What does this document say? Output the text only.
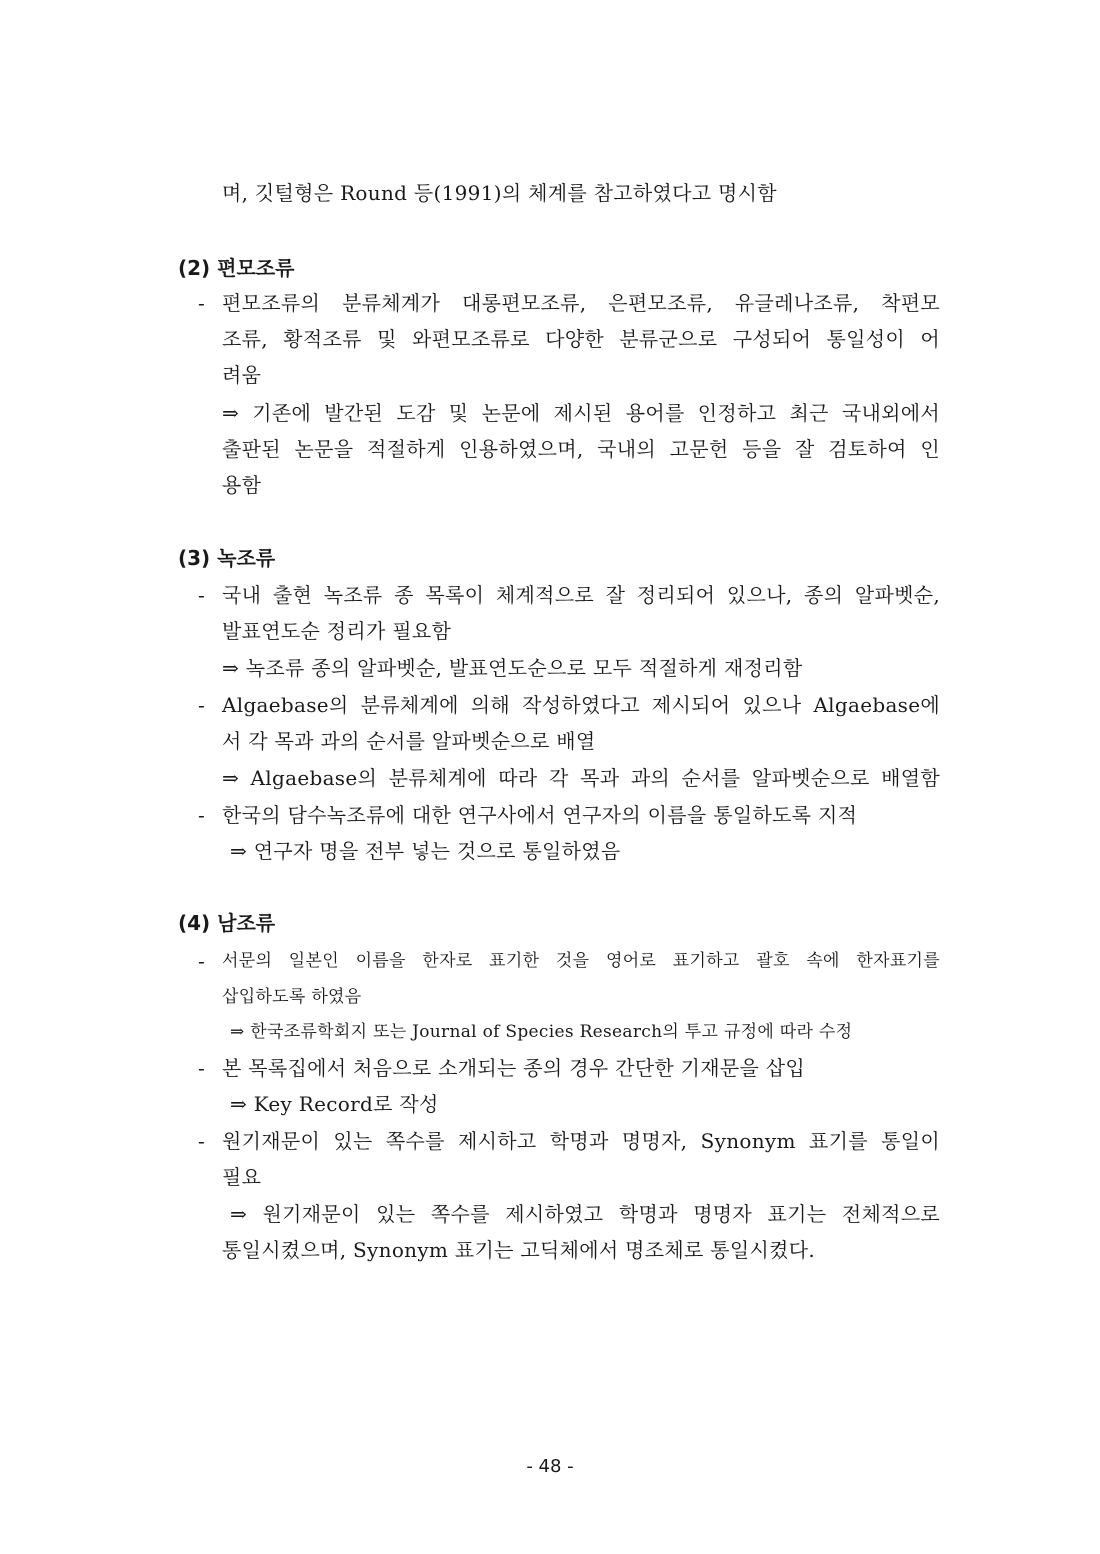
며, 깃털형은 Round 등(1991)의 체계를 참고하였다고 명시함
(2) 편모조류
- 편모조류의 분류체계가 대롱편모조류, 은편모조류, 유글레나조류, 착편모
조류, 황적조류 및 와편모조류로 다양한 분류군으로 구성되어 통일성이 어
려움
⇒ 기존에 발간된 도감 및 논문에 제시된 용어를 인정하고 최근 국내외에서
출판된 논문을 적절하게 인용하였으며, 국내의 고문헌 등을 잘 검토하여 인
용함
(3) 녹조류
- 국내 출현 녹조류 종 목록이 체계적으로 잘 정리되어 있으나, 종의 알파벳순,
발표연도순 정리가 필요함
⇒ 녹조류 종의 알파벳순, 발표연도순으로 모두 적절하게 재정리함
- Algaebase의 분류체계에 의해 작성하였다고 제시되어 있으나 Algaebase에
서 각 목과 과의 순서를 알파벳순으로 배열
⇒ Algaebase의 분류체계에 따라 각 목과 과의 순서를 알파벳순으로 배열함
- 한국의 담수녹조류에 대한 연구사에서 연구자의 이름을 통일하도록 지적
⇒ 연구자 명을 전부 넣는 것으로 통일하였음
(4) 남조류
- 서문의 일본인 이름을 한자로 표기한 것을 영어로 표기하고 괄호 속에 한자표기를
삽입하도록 하였음
⇒ 한국조류학회지 또는 Journal of Species Research의 투고 규정에 따라 수정
- 본 목록집에서 처음으로 소개되는 종의 경우 간단한 기재문을 삽입
⇒ Key Record로 작성
- 원기재문이 있는 쪽수를 제시하고 학명과 명명자, Synonym 표기를 통일이
필요
⇒ 원기재문이 있는 쪽수를 제시하였고 학명과 명명자 표기는 전체적으로
통일시켰으며, Synonym 표기는 고딕체에서 명조체로 통일시켰다.
- 48 -
